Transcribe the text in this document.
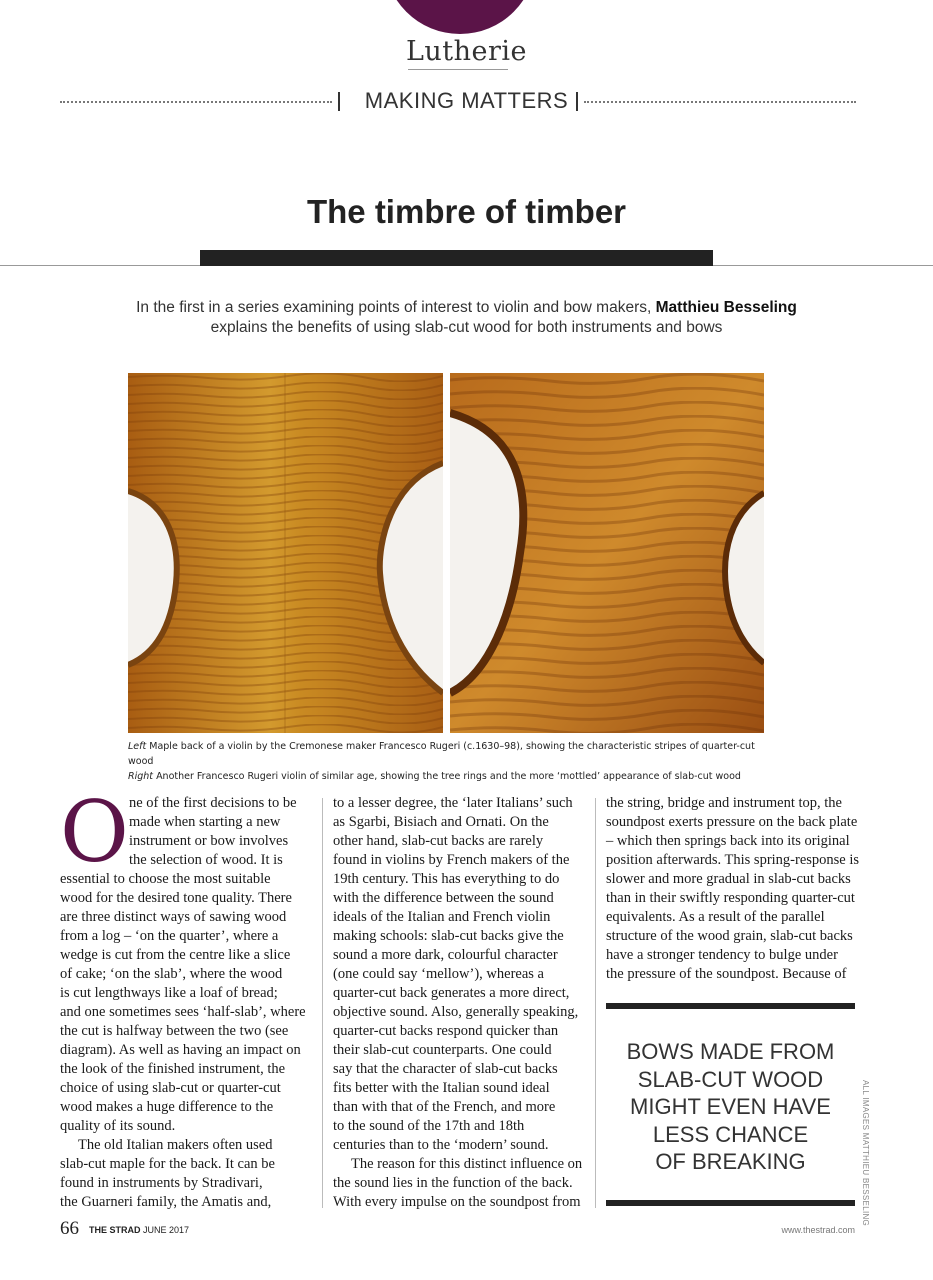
Lutherie
MAKING MATTERS
The timbre of timber

In the first in a series examining points of interest to violin and bow makers, Matthieu Besseling
explains the benefits of using slab-cut wood for both instruments and bows

Left Maple back of a violin by the Cremonese maker Francesco Rugeri (c.1630–98), showing the characteristic stripes of quarter-cut wood
Right Another Francesco Rugeri violin of similar age, showing the tree rings and the more ‘mottled’ appearance of slab-cut wood
O ne of the first decisions to be
made when starting a new
instrument or bow involves
the selection of wood. It is
essential to choose the most suitable
wood for the desired tone quality. There
are three distinct ways of sawing wood
from a log – ‘on the quarter’, where a
wedge is cut from the centre like a slice
of cake; ‘on the slab’, where the wood
is cut lengthways like a loaf of bread;
and one sometimes sees ‘half-slab’, where
the cut is halfway between the two (see
diagram). As well as having an impact on
the look of the finished instrument, the
choice of using slab-cut or quarter-cut
wood makes a huge difference to the
quality of its sound.
The old Italian makers often used
slab-cut maple for the back. It can be
found in instruments by Stradivari,
the Guarneri family, the Amatis and,
to a lesser degree, the ‘later Italians’ such
as Sgarbi, Bisiach and Ornati. On the
other hand, slab-cut backs are rarely
found in violins by French makers of the
19th century. This has everything to do
with the difference between the sound
ideals of the Italian and French violin
making schools: slab-cut backs give the
sound a more dark, colourful character
(one could say ‘mellow’), whereas a
quarter-cut back generates a more direct,
objective sound. Also, generally speaking,
quarter-cut backs respond quicker than
their slab-cut counterparts. One could
say that the character of slab-cut backs
fits better with the Italian sound ideal
than with that of the French, and more
to the sound of the 17th and 18th
centuries than to the ‘modern’ sound.
The reason for this distinct influence on
the sound lies in the function of the back.
With every impulse on the soundpost from
the string, bridge and instrument top, the
soundpost exerts pressure on the back plate
– which then springs back into its original
position afterwards. This spring-response is
slower and more gradual in slab-cut backs
than in their swiftly responding quarter-cut
equivalents. As a result of the parallel
structure of the wood grain, slab-cut backs
have a stronger tendency to bulge under
the pressure of the soundpost. Because of
BOWS MADE FROM
SLAB-CUT WOOD
MIGHT EVEN HAVE
LESS CHANCE
OF BREAKING	ALL IMAGES MATTHIEU BESSELING
66 THE STRAD JUNE 2017	www.thestrad.com
